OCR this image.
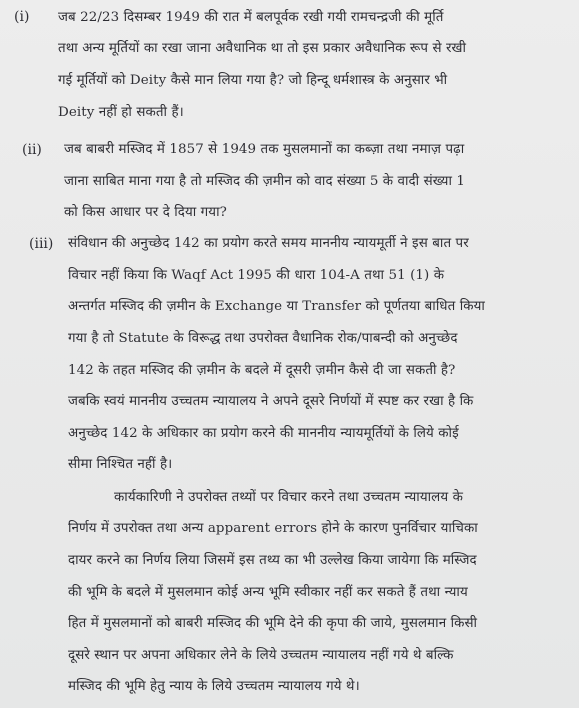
(i) जब 22/23 दिसम्बर 1949 की रात में बलपूर्वक रखी गयी रामचन्द्रजी की मूर्ति
तथा अन्य मूर्तियों का रखा जाना अवैधानिक था तो इस प्रकार अवैधानिक रूप से रखी
गई मूर्तियों को Deity कैसे मान लिया गया है? जो हिन्दू धर्मशास्त्र के अनुसार भी
Deity नहीं हो सकती हैं।
(ii) जब बाबरी मस्जिद में 1857 से 1949 तक मुसलमानों का कब्ज़ा तथा नमाज़ पढ़ा
जाना साबित माना गया है तो मस्जिद की ज़मीन को वाद संख्या 5 के वादी संख्या 1
को किस आधार पर दे दिया गया?
(iii) संविधान की अनुच्छेद 142 का प्रयोग करते समय माननीय न्यायमूर्ती ने इस बात पर
विचार नहीं किया कि Waqf Act 1995 की धारा 104-A तथा 51 (1) के
अन्तर्गत मस्जिद की ज़मीन के Exchange या Transfer को पूर्णतया बाधित किया
गया है तो Statute के विरूद्ध तथा उपरोक्त वैधानिक रोक/पाबन्दी को अनुच्छेद
142 के तहत मस्जिद की ज़मीन के बदले में दूसरी ज़मीन कैसे दी जा सकती है?
जबकि स्वयं माननीय उच्चतम न्यायालय ने अपने दूसरे निर्णयों में स्पष्ट कर रखा है कि
अनुच्छेद 142 के अधिकार का प्रयोग करने की माननीय न्यायमूर्तियों के लिये कोई
सीमा निश्चित नहीं है।
कार्यकारिणी ने उपरोक्त तथ्यों पर विचार करने तथा उच्चतम न्यायालय के
निर्णय में उपरोक्त तथा अन्य apparent errors होने के कारण पुनर्विचार याचिका
दायर करने का निर्णय लिया जिसमें इस तथ्य का भी उल्लेख किया जायेगा कि मस्जिद
की भूमि के बदले में मुसलमान कोई अन्य भूमि स्वीकार नहीं कर सकते हैं तथा न्याय
हित में मुसलमानों को बाबरी मस्जिद की भूमि देने की कृपा की जाये, मुसलमान किसी
दूसरे स्थान पर अपना अधिकार लेने के लिये उच्चतम न्यायालय नहीं गये थे बल्कि
मस्जिद की भूमि हेतु न्याय के लिये उच्चतम न्यायालय गये थे।
